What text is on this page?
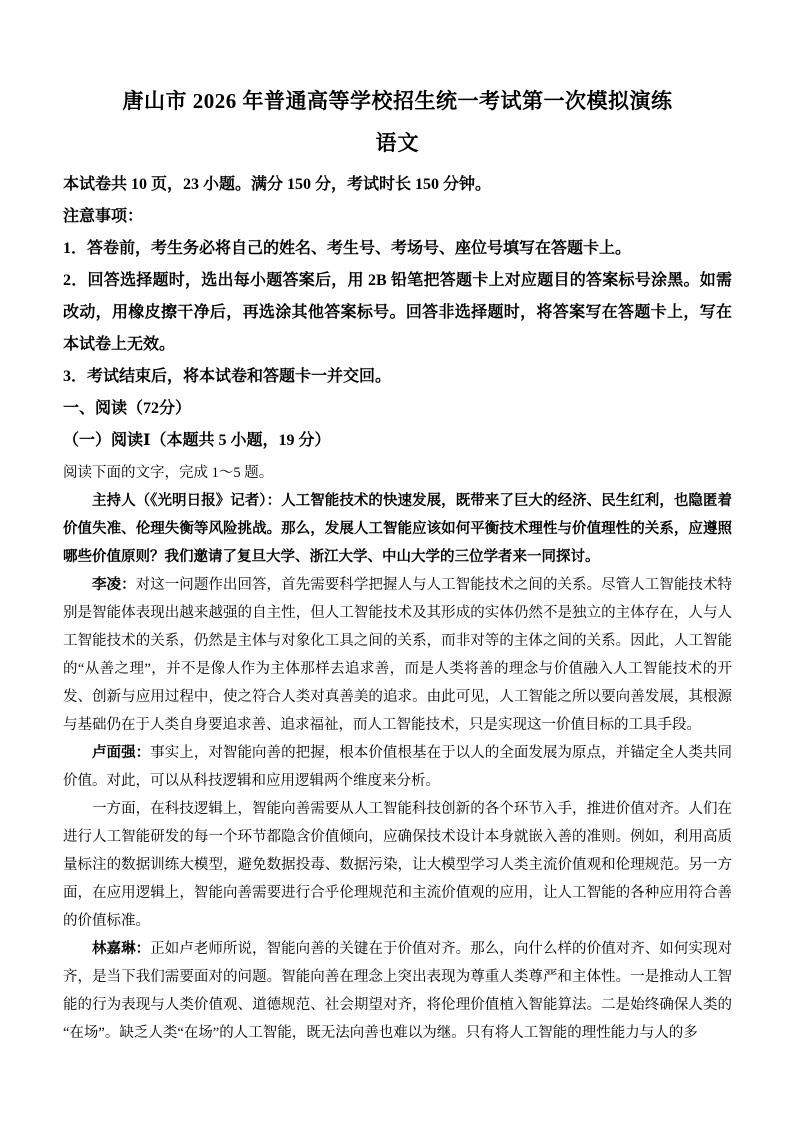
唐山市 2026 年普通高等学校招生统一考试第一次模拟演练
语文

本试卷共 10 页，23 小题。满分 150 分，考试时长 150 分钟。

注意事项：

1．答卷前，考生务必将自己的姓名、考生号、考场号、座位号填写在答题卡上。

2．回答选择题时，选出每小题答案后，用 2B 铅笔把答题卡上对应题目的答案标号涂黑。如需改动，用橡皮擦干净后，再选涂其他答案标号。回答非选择题时，将答案写在答题卡上，写在本试卷上无效。

3．考试结束后，将本试卷和答题卡一并交回。

一、阅读（72分）

（一）阅读Ⅰ（本题共 5 小题，19 分）

阅读下面的文字，完成 1～5 题。

主持人（《光明日报》记者）：人工智能技术的快速发展，既带来了巨大的经济、民生红利，也隐匿着价值失准、伦理失衡等风险挑战。那么，发展人工智能应该如何平衡技术理性与价值理性的关系，应遵照哪些价值原则？我们邀请了复旦大学、浙江大学、中山大学的三位学者来一同探讨。

李凌：对这一问题作出回答，首先需要科学把握人与人工智能技术之间的关系。尽管人工智能技术特别是智能体表现出越来越强的自主性，但人工智能技术及其形成的实体仍然不是独立的主体存在，人与人工智能技术的关系，仍然是主体与对象化工具之间的关系，而非对等的主体之间的关系。因此，人工智能的“从善之理”，并不是像人作为主体那样去追求善，而是人类将善的理念与价值融入人工智能技术的开发、创新与应用过程中，使之符合人类对真善美的追求。由此可见，人工智能之所以要向善发展，其根源与基础仍在于人类自身要追求善、追求福祉，而人工智能技术，只是实现这一价值目标的工具手段。

卢面强：事实上，对智能向善的把握，根本价值根基在于以人的全面发展为原点，并锚定全人类共同价值。对此，可以从科技逻辑和应用逻辑两个维度来分析。

一方面，在科技逻辑上，智能向善需要从人工智能科技创新的各个环节入手，推进价值对齐。人们在进行人工智能研发的每一个环节都隐含价值倾向，应确保技术设计本身就嵌入善的准则。例如，利用高质量标注的数据训练大模型，避免数据投毒、数据污染，让大模型学习人类主流价值观和伦理规范。另一方面，在应用逻辑上，智能向善需要进行合乎伦理规范和主流价值观的应用，让人工智能的各种应用符合善的价值标准。

林嘉琳：正如卢老师所说，智能向善的关键在于价值对齐。那么，向什么样的价值对齐、如何实现对齐，是当下我们需要面对的问题。智能向善在理念上突出表现为尊重人类尊严和主体性。一是推动人工智能的行为表现与人类价值观、道德规范、社会期望对齐，将伦理价值植入智能算法。二是始终确保人类的“在场”。缺乏人类“在场”的人工智能，既无法向善也难以为继。只有将人工智能的理性能力与人的多
